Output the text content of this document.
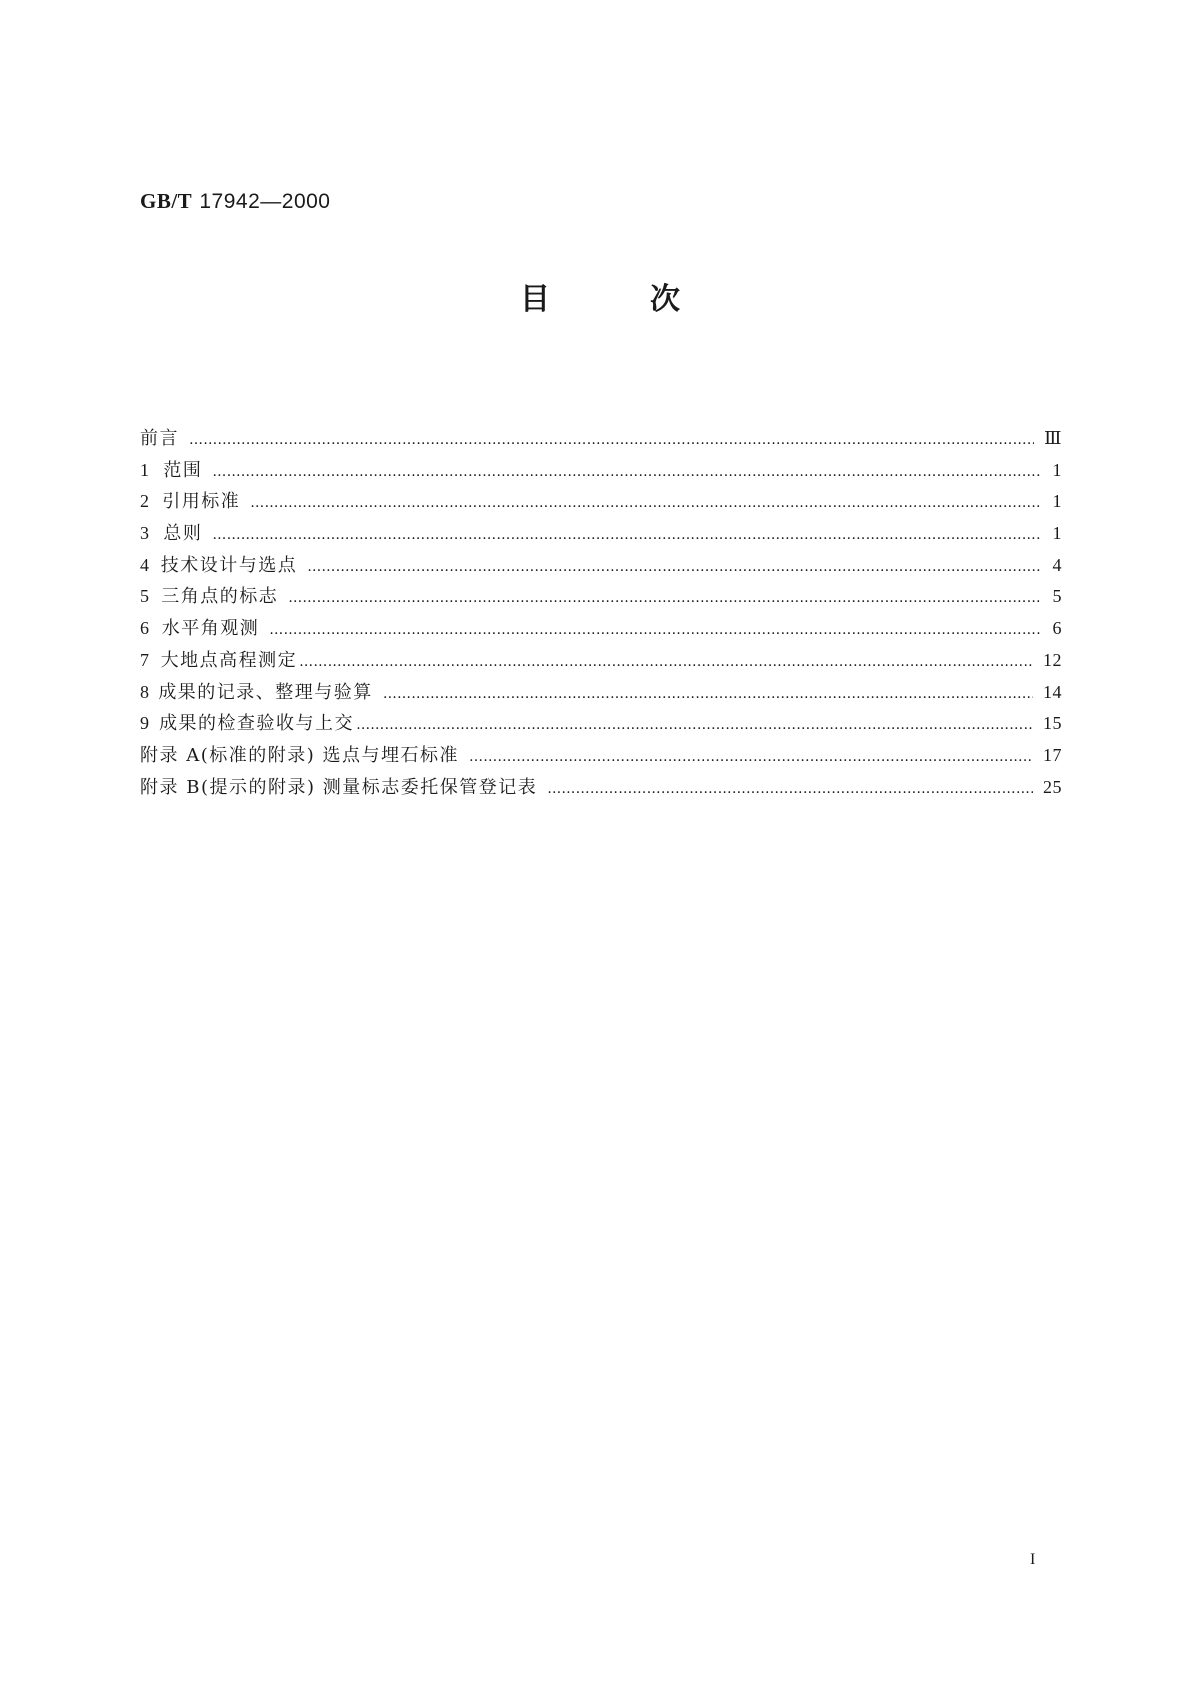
GB/T 17942—2000
目	次
前言 ……………………………………………………………………………………………………………………………………………………………………………………………………………………	Ⅲ
1 范围 ……………………………………………………………………………………………………………………………………………………………………………………………………………………	1
2 引用标准 ……………………………………………………………………………………………………………………………………………………………………………………………………………………	1
3 总则 ……………………………………………………………………………………………………………………………………………………………………………………………………………………	1
4 技术设计与选点 ……………………………………………………………………………………………………………………………………………………………………………………………………………………	4
5 三角点的标志 ……………………………………………………………………………………………………………………………………………………………………………………………………………………	5
6 水平角观测 ……………………………………………………………………………………………………………………………………………………………………………………………………………………	6
7 大地点高程测定 ……………………………………………………………………………………………………………………………………………………………………………………………………………………	12
8 成果的记录、整理与验算 ……………………………………………………………………………………………………………………………………………………………………………………………………………………	14
9 成果的检查验收与上交 ……………………………………………………………………………………………………………………………………………………………………………………………………………………	15
附录 A(标准的附录) 选点与埋石标准 ……………………………………………………………………………………………………………………………………………………………………………………………………………………	17
附录 B(提示的附录) 测量标志委托保管登记表 ……………………………………………………………………………………………………………………………………………………………………………………………………………………	25
I
